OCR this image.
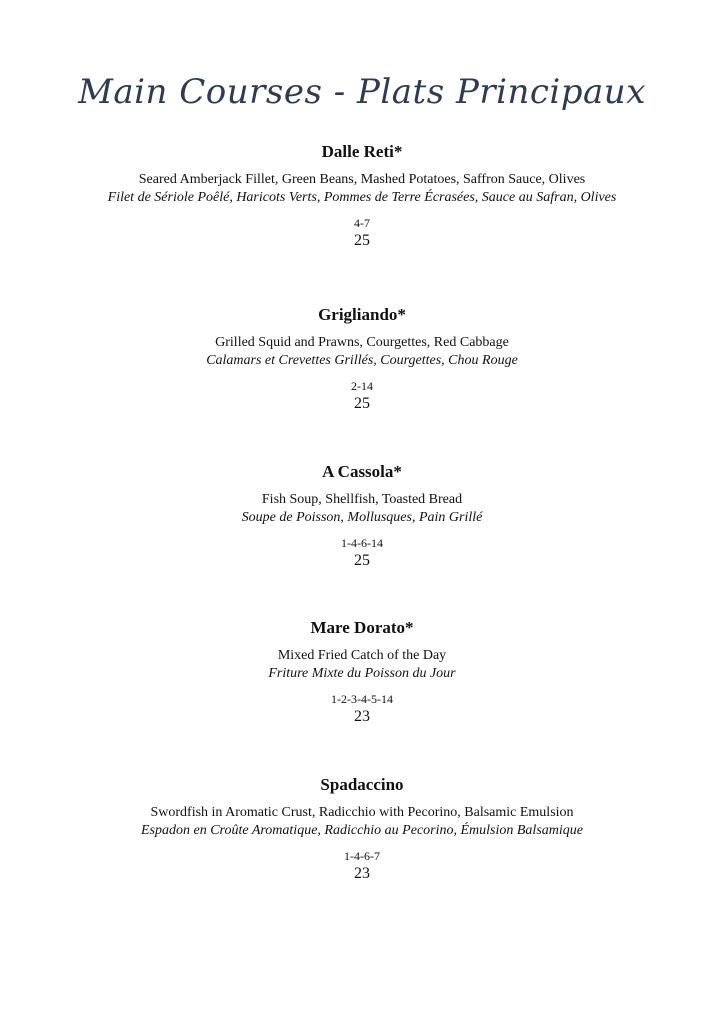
Main Courses - Plats Principaux
Dalle Reti*
Seared Amberjack Fillet, Green Beans, Mashed Potatoes, Saffron Sauce, Olives
Filet de Sériole Poêlé, Haricots Verts, Pommes de Terre Écrasées, Sauce au Safran, Olives
4-7
25
Grigliando*
Grilled Squid and Prawns, Courgettes, Red Cabbage
Calamars et Crevettes Grillés, Courgettes, Chou Rouge
2-14
25
A Cassola*
Fish Soup, Shellfish, Toasted Bread
Soupe de Poisson, Mollusques, Pain Grillé
1-4-6-14
25
Mare Dorato*
Mixed Fried Catch of the Day
Friture Mixte du Poisson du Jour
1-2-3-4-5-14
23
Spadaccino
Swordfish in Aromatic Crust, Radicchio with Pecorino, Balsamic Emulsion
Espadon en Croûte Aromatique, Radicchio au Pecorino, Émulsion Balsamique
1-4-6-7
23
